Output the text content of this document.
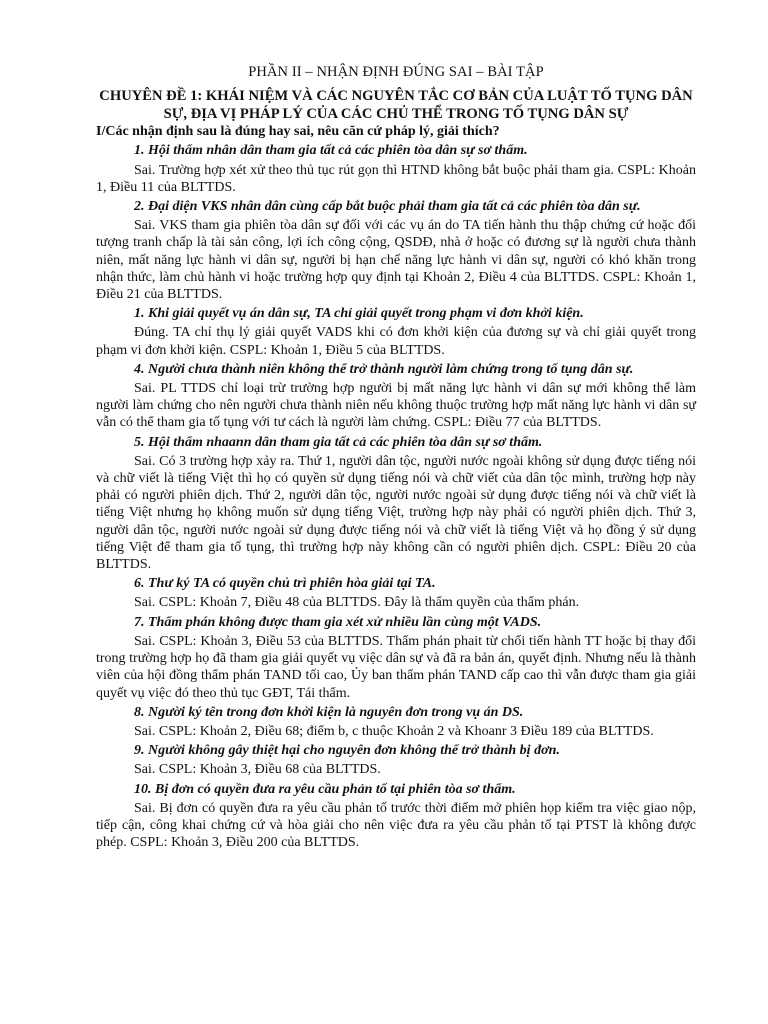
PHẦN II – NHẬN ĐỊNH ĐÚNG SAI – BÀI TẬP

CHUYÊN ĐỀ 1: KHÁI NIỆM VÀ CÁC NGUYÊN TẮC CƠ BẢN CỦA LUẬT TỐ TỤNG DÂN SỰ, ĐỊA VỊ PHÁP LÝ CỦA CÁC CHỦ THỂ TRONG TỐ TỤNG DÂN SỰ

I/Các nhận định sau là đúng hay sai, nêu căn cứ pháp lý, giải thích?

1. Hội thẩm nhân dân tham gia tất cả các phiên tòa dân sự sơ thẩm.

Sai. Trường hợp xét xử theo thủ tục rút gọn thì HTND không bắt buộc phải tham gia. CSPL: Khoản 1, Điều 11 của BLTTDS.

2. Đại diện VKS nhân dân cùng cấp bắt buộc phải tham gia tất cả các phiên tòa dân sự.

Sai. VKS tham gia phiên tòa dân sự đối với các vụ án do TA tiến hành thu thập chứng cứ hoặc đối tượng tranh chấp là tài sản công, lợi ích công cộng, QSDĐ, nhà ở hoặc có đương sự là người chưa thành niên, mất năng lực hành vi dân sự, người bị hạn chế năng lực hành vi dân sự, người có khó khăn trong nhận thức, làm chủ hành vi hoặc trường hợp quy định tại Khoản 2, Điều 4 của BLTTDS. CSPL: Khoản 1, Điều 21 của BLTTDS.

1. Khi giải quyết vụ án dân sự, TA chỉ giải quyết trong phạm vi đơn khởi kiện.

Đúng. TA chỉ thụ lý giải quyết VADS khi có đơn khởi kiện của đương sự và chỉ giải quyết trong phạm vi đơn khởi kiện. CSPL: Khoản 1, Điều 5 của BLTTDS.

4. Người chưa thành niên không thể trở thành người làm chứng trong tố tụng dân sự.

Sai. PL TTDS chỉ loại trừ trường hợp người bị mất năng lực hành vi dân sự mới không thể làm người làm chứng cho nên người chưa thành niên nếu không thuộc trường hợp mất năng lực hành vi dân sự vẫn có thể tham gia tố tụng với tư cách là người làm chứng. CSPL: Điều 77 của BLTTDS.

5. Hội thẩm nhaann dân tham gia tất cả các phiên tòa dân sự sơ thẩm.

Sai. Có 3 trường hợp xảy ra. Thứ 1, người dân tộc, người nước ngoài không sử dụng được tiếng nói và chữ viết là tiếng Việt thì họ có quyền sử dụng tiếng nói và chữ viết của dân tộc mình, trường hợp này phải có người phiên dịch. Thứ 2, người dân tộc, người nước ngoài sử dụng được tiếng nói và chữ viết là tiếng Việt nhưng họ không muốn sử dụng tiếng Việt, trường hợp này phải có người phiên dịch. Thứ 3, người dân tộc, người nước ngoài sử dụng được tiếng nói và chữ viết là tiếng Việt và họ đồng ý sử dụng tiếng Việt để tham gia tố tụng, thì trường hợp này không cần có người phiên dịch. CSPL: Điều 20 của BLTTDS.

6. Thư ký TA có quyền chủ trì phiên hòa giải tại TA.

Sai. CSPL: Khoản 7, Điều 48 của BLTTDS. Đây là thẩm quyền của thẩm phán.

7. Thẩm phán không được tham gia xét xử nhiều lần cùng một VADS.

Sai. CSPL: Khoản 3, Điều 53 của BLTTDS. Thẩm phán phait từ chối tiến hành TT hoặc bị thay đổi trong trường hợp họ đã tham gia giải quyết vụ việc dân sự và đã ra bản án, quyết định. Nhưng nếu là thành viên của hội đồng thẩm phán TAND tối cao, Ủy ban thẩm phán TAND cấp cao thì vẫn được tham gia giải quyết vụ việc đó theo thủ tục GĐT, Tái thẩm.

8. Người ký tên trong đơn khởi kiện là nguyên đơn trong vụ án DS.

Sai. CSPL: Khoản 2, Điều 68; điểm b, c thuộc Khoản 2 và Khoanr 3 Điều 189 của BLTTDS.

9. Người không gây thiệt hại cho nguyên đơn không thể trở thành bị đơn.

Sai. CSPL: Khoản 3, Điều 68 của BLTTDS.

10. Bị đơn có quyền đưa ra yêu cầu phản tố tại phiên tòa sơ thẩm.

Sai. Bị đơn có quyền đưa ra yêu cầu phản tố trước thời điểm mở phiên họp kiểm tra việc giao nộp, tiếp cận, công khai chứng cứ và hòa giải cho nên việc đưa ra yêu cầu phản tố tại PTST là không được phép. CSPL: Khoản 3, Điều 200 của BLTTDS.
